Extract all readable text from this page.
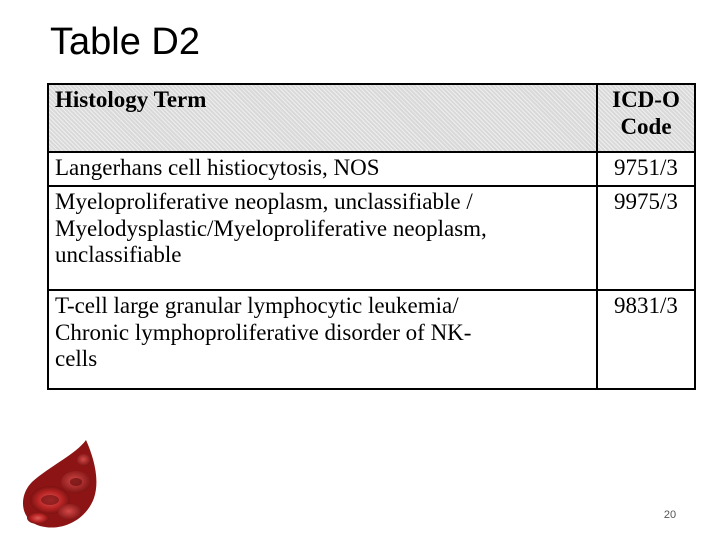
Table D2
Histology Term	ICD-O
Code

Langerhans cell histiocytosis, NOS	9751/3

Myeloproliferative neoplasm, unclassifiable /
Myelodysplastic/Myeloproliferative neoplasm,
unclassifiable	9975/3

T-cell large granular lymphocytic leukemia/
Chronic lymphoproliferative disorder of NK-
cells	9831/3
20
